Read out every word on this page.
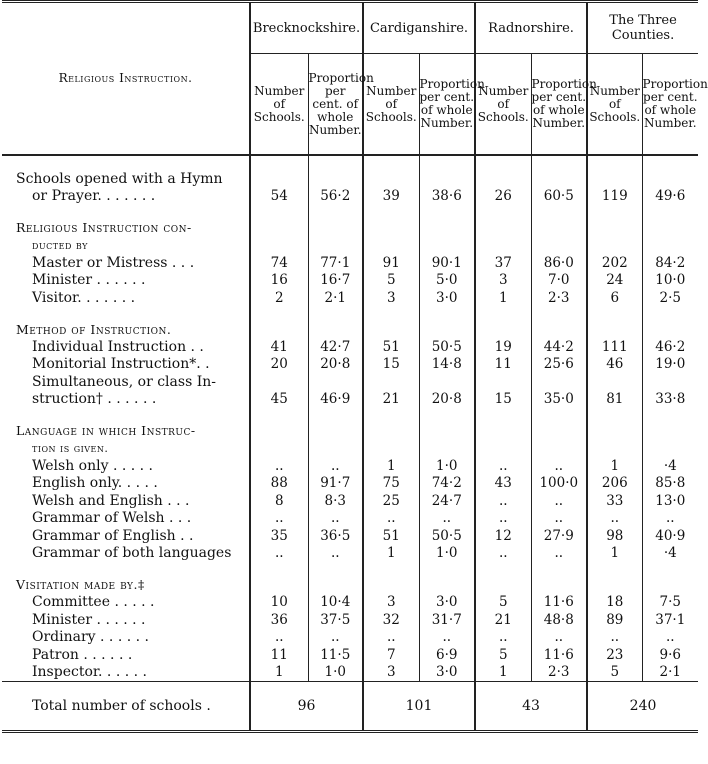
Religious Instruction.	Brecknockshire.		Cardiganshire.		Radnorshire.		The Three Counties.	
	Number of Schools.	Proportion per cent. of whole Number.	Number of Schools.	Proportion per cent. of whole Number.	Number of Schools.	Proportion per cent. of whole Number.	Number of Schools.	Proportion per cent. of whole Number.

Schools opened with a Hymn								
or Prayer. . . . . . .	54	56·2	39	38·6	26	60·5	119	49·6

Religious Instruction con-								
ducted by								
Master or Mistress . . .	74	77·1	91	90·1	37	86·0	202	84·2
Minister . . . . . .	16	16·7	5	5·0	3	7·0	24	10·0
Visitor. . . . . . .	2	2·1	3	3·0	1	2·3	6	2·5

Method of Instruction.								
Individual Instruction . .	41	42·7	51	50·5	19	44·2	111	46·2
Monitorial Instruction*. .	20	20·8	15	14·8	11	25·6	46	19·0
Simultaneous, or class In-								
struction† . . . . . .	45	46·9	21	20·8	15	35·0	81	33·8

Language in which Instruc-								
tion is given.								
Welsh only . . . . .	..	..	1	1·0	..	..	1	·4
English only. . . . .	88	91·7	75	74·2	43	100·0	206	85·8
Welsh and English . . .	8	8·3	25	24·7	..	..	33	13·0
Grammar of Welsh . . .	..	..	..	..	..	..	..	..
Grammar of English . .	35	36·5	51	50·5	12	27·9	98	40·9
Grammar of both languages	..	..	1	1·0	..	..	1	·4

Visitation made by.‡								
Committee . . . . .	10	10·4	3	3·0	5	11·6	18	7·5
Minister . . . . . .	36	37·5	32	31·7	21	48·8	89	37·1
Ordinary . . . . . .	..	..	..	..	..	..	..	..
Patron . . . . . .	11	11·5	7	6·9	5	11·6	23	9·6
Inspector. . . . . .	1	1·0	3	3·0	1	2·3	5	2·1
Total number of schools .	96		101		43		240	
